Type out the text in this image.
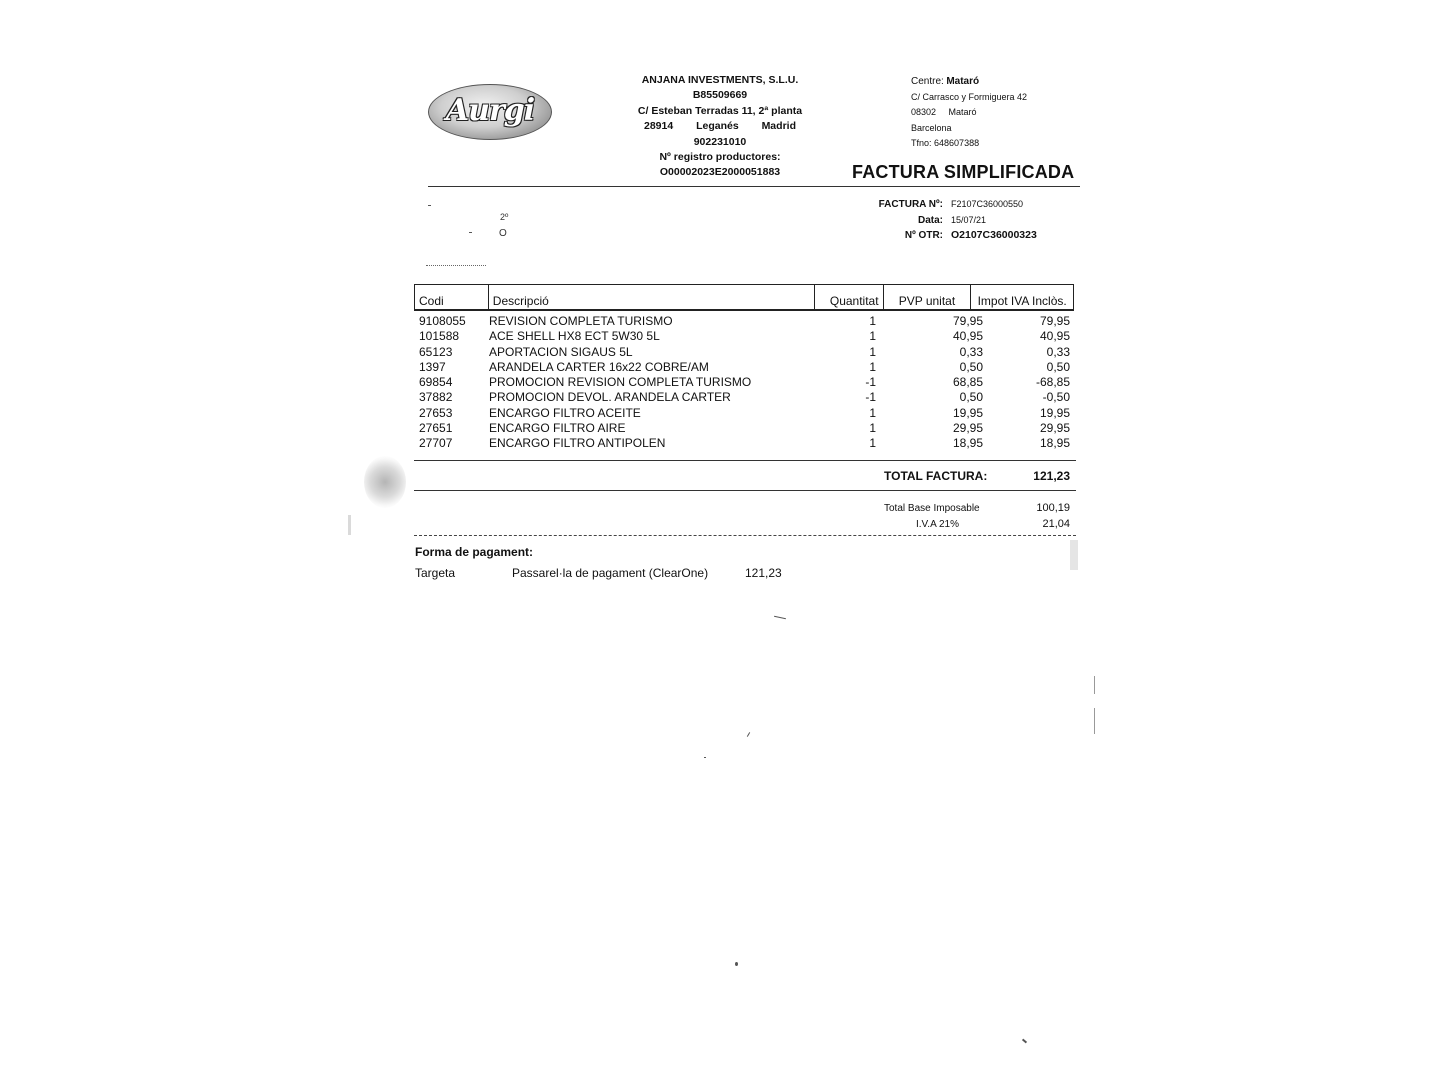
Aurgi
ANJANA INVESTMENTS, S.L.U.
B85509669
C/ Esteban Terradas 11, 2ª planta
28914 Leganés Madrid
902231010
Nº registro productores:
O00002023E2000051883
Centre: Mataró
C/ Carrasco y Formiguera 42
08302 Mataró
Barcelona
Tfno: 648607388
FACTURA SIMPLIFICADA
FACTURA Nº: F2107C36000550
Data: 15/07/21
Nº OTR: O2107C36000323
2º
O
Codi	Descripció	Quantitat	PVP unitat	Impot IVA Inclòs.
9108055	REVISION COMPLETA TURISMO	1	79,95	79,95
101588	ACE SHELL HX8 ECT 5W30 5L	1	40,95	40,95
65123	APORTACION SIGAUS 5L	1	0,33	0,33
1397	ARANDELA CARTER 16x22 COBRE/AM	1	0,50	0,50
69854	PROMOCION REVISION COMPLETA TURISMO	-1	68,85	-68,85
37882	PROMOCION DEVOL. ARANDELA CARTER	-1	0,50	-0,50
27653	ENCARGO FILTRO ACEITE	1	19,95	19,95
27651	ENCARGO FILTRO AIRE	1	29,95	29,95
27707	ENCARGO FILTRO ANTIPOLEN	1	18,95	18,95
TOTAL FACTURA:	121,23
Total Base Imposable	100,19
I.V.A 21%	21,04
Forma de pagament:
Targeta	Passarel·la de pagament (ClearOne)	121,23
